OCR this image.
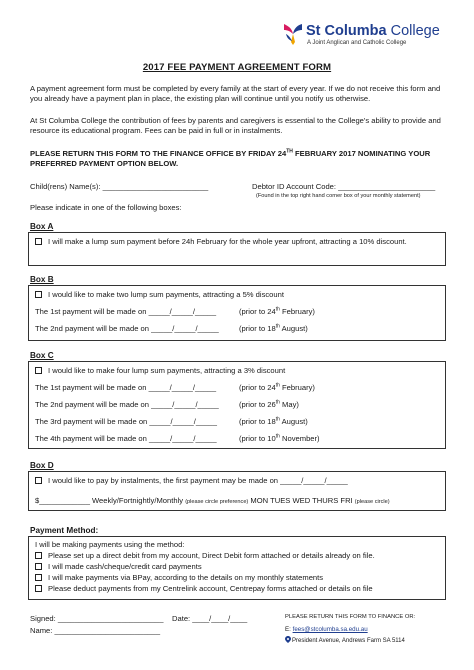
St Columba College
A Joint Anglican and Catholic College
2017 FEE PAYMENT AGREEMENT FORM
A payment agreement form must be completed by every family at the start of every year. If we do not receive this form and you already have a payment plan in place, the existing plan will continue until you notify us otherwise.
At St Columba College the contribution of fees by parents and caregivers is essential to the College's ability to provide and resource its educational program. Fees can be paid in full or in instalments.
PLEASE RETURN THIS FORM TO THE FINANCE OFFICE BY FRIDAY 24TH FEBRUARY 2017 NOMINATING YOUR PREFERRED PAYMENT OPTION BELOW.
Child(rens) Name(s): _________________________	Debtor ID Account Code: _______________________
(Found in the top right hand corner box of your monthly statement)
Please indicate in one of the following boxes:
Box A
I will make a lump sum payment before 24h February for the whole year upfront, attracting a 10% discount.
Box B
I would like to make two lump sum payments, attracting a 5% discount
The 1st payment will be made on _____/_____/_____	(prior to 24th February)
The 2nd payment will be made on _____/_____/_____	(prior to 18th August)
Box C
I would like to make four lump sum payments, attracting a 3% discount
The 1st payment will be made on _____/_____/_____	(prior to 24th February)
The 2nd payment will be made on _____/_____/_____	(prior to 26th May)
The 3rd payment will be made on _____/_____/_____	(prior to 18th August)
The 4th payment will be made on _____/_____/_____	(prior to 10th November)
Box D
I would like to pay by instalments, the first payment may be made on _____/_____/_____
$____________ Weekly/Fortnightly/Monthly (please circle preference) MON TUES WED THURS FRI (please circle)
Payment Method:
I will be making payments using the method:
Please set up a direct debit from my account, Direct Debit form attached or details already on file.
I will made cash/cheque/credit card payments
I will make payments via BPay, according to the details on my monthly statements
Please deduct payments from my Centrelink account, Centrepay forms attached or details on file
Signed: _________________________ Date: ____/____/____
Name: _________________________
PLEASE RETURN THIS FORM TO FINANCE OR:
E: fees@stcolumba.sa.edu.au
President Avenue, Andrews Farm SA 5114
